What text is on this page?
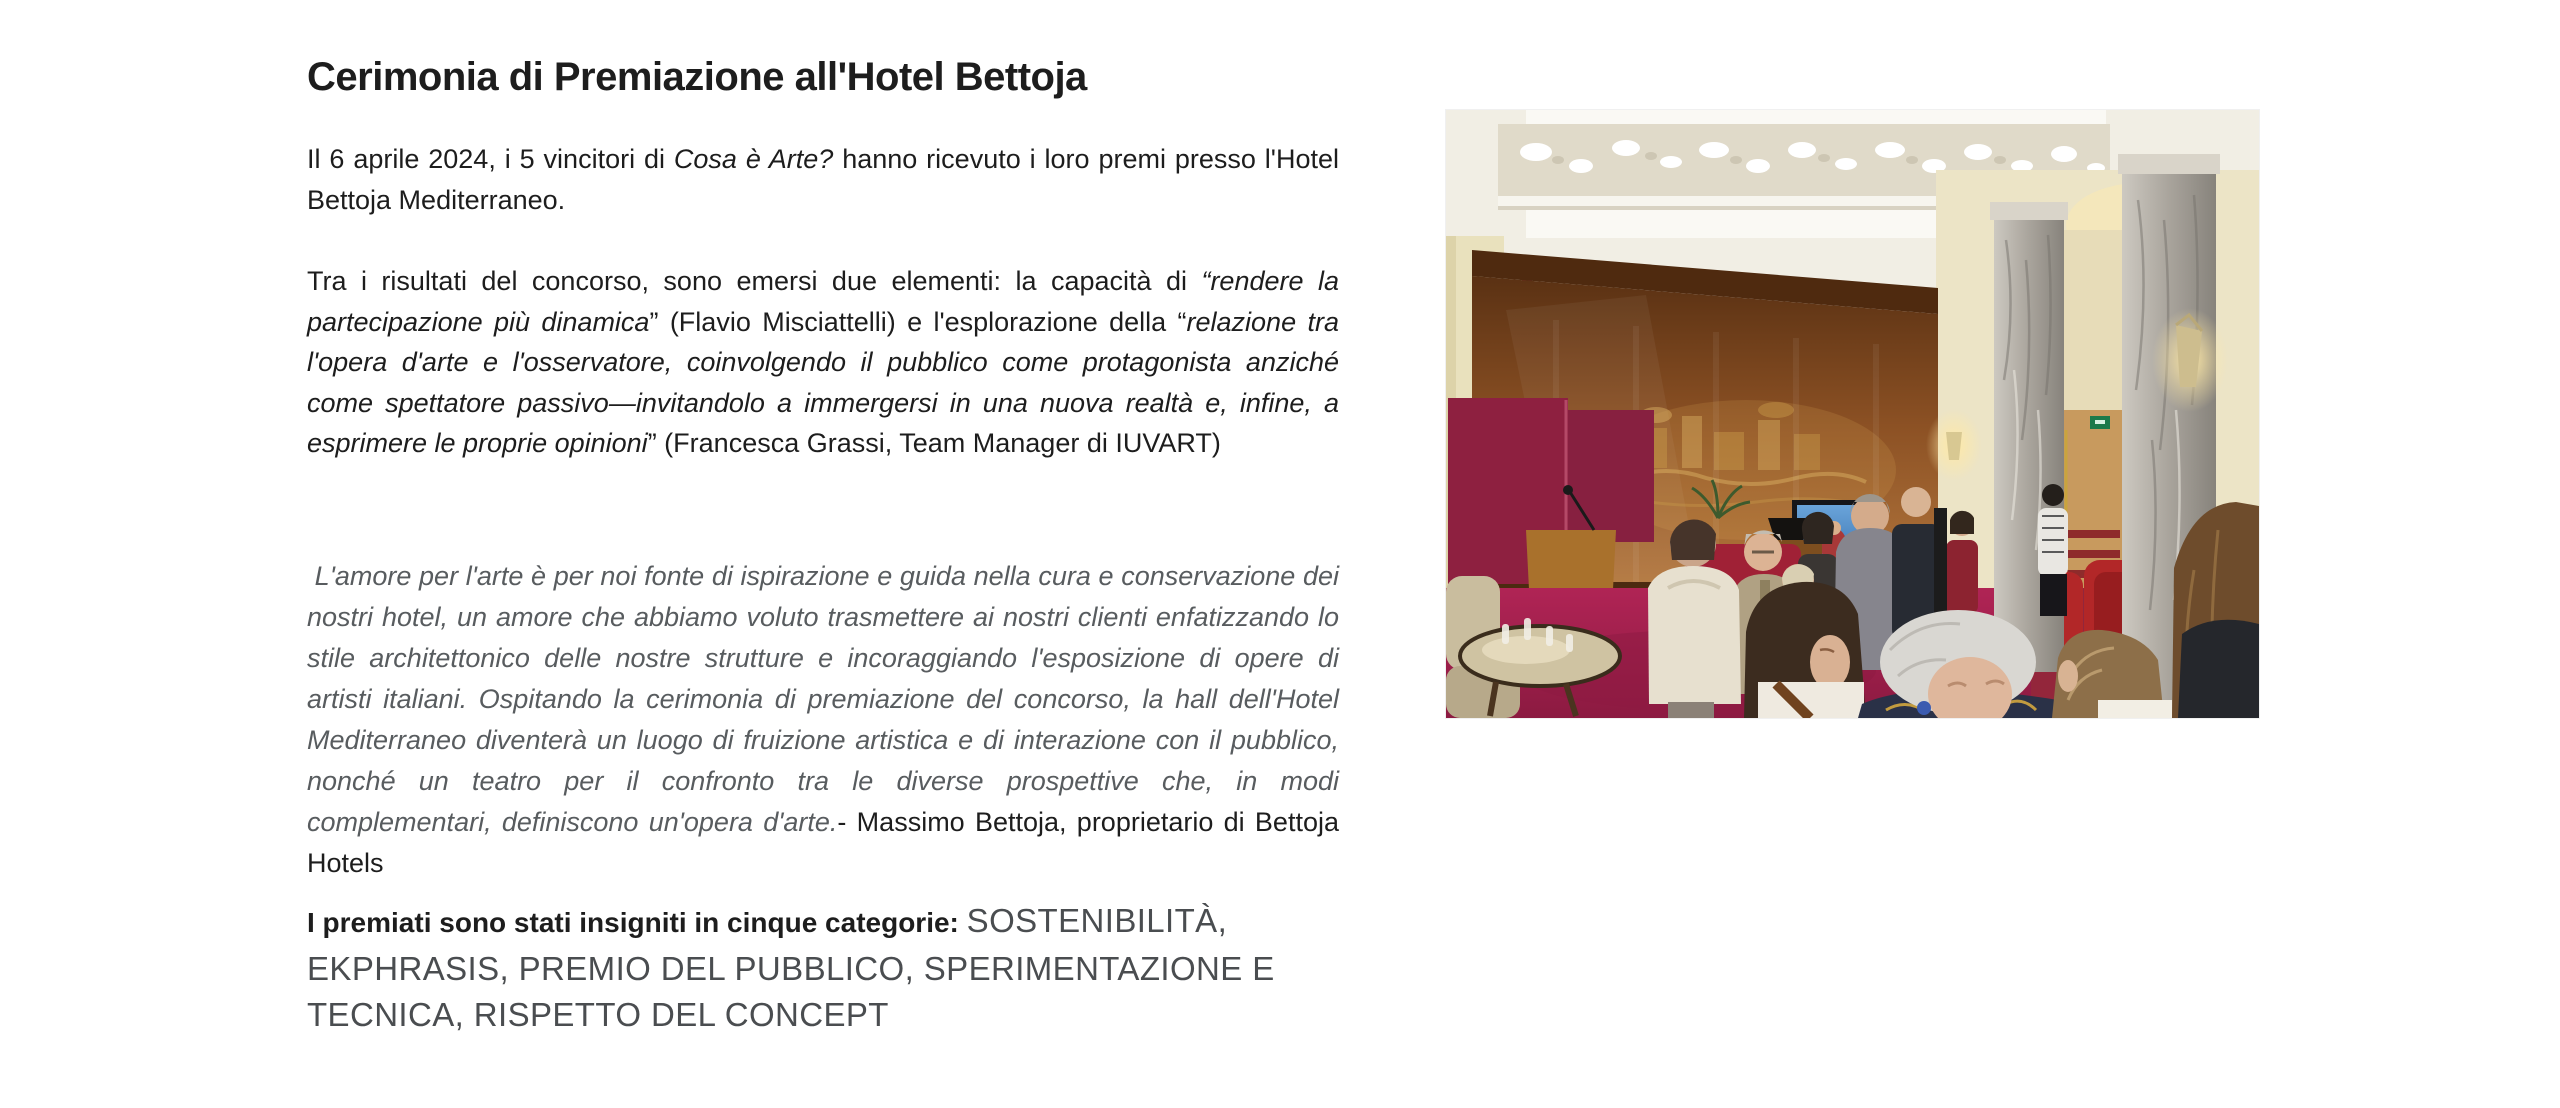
Cerimonia di Premiazione all'Hotel Bettoja

Il 6 aprile 2024, i 5 vincitori di Cosa è Arte? hanno ricevuto i loro premi presso l'Hotel Bettoja Mediterraneo.

Tra i risultati del concorso, sono emersi due elementi: la capacità di “rendere la partecipazione più dinamica” (Flavio Misciattelli) e l'esplorazione della “relazione tra l'opera d'arte e l'osservatore, coinvolgendo il pubblico come protagonista anziché come spettatore passivo—invitandolo a immergersi in una nuova realtà e, infine, a esprimere le proprie opinioni” (Francesca Grassi, Team Manager di IUVART)

L'amore per l'arte è per noi fonte di ispirazione e guida nella cura e conservazione dei nostri hotel, un amore che abbiamo voluto trasmettere ai nostri clienti enfatizzando lo stile architettonico delle nostre strutture e incoraggiando l'esposizione di opere di artisti italiani. Ospitando la cerimonia di premiazione del concorso, la hall dell'Hotel Mediterraneo diventerà un luogo di fruizione artistica e di interazione con il pubblico, nonché un teatro per il confronto tra le diverse prospettive che, in modi complementari, definiscono un'opera d'arte.- Massimo Bettoja, proprietario di Bettoja Hotels

I premiati sono stati insigniti in cinque categorie: SOSTENIBILITÀ, EKPHRASIS, PREMIO DEL PUBBLICO, SPERIMENTAZIONE E TECNICA, RISPETTO DEL CONCEPT
